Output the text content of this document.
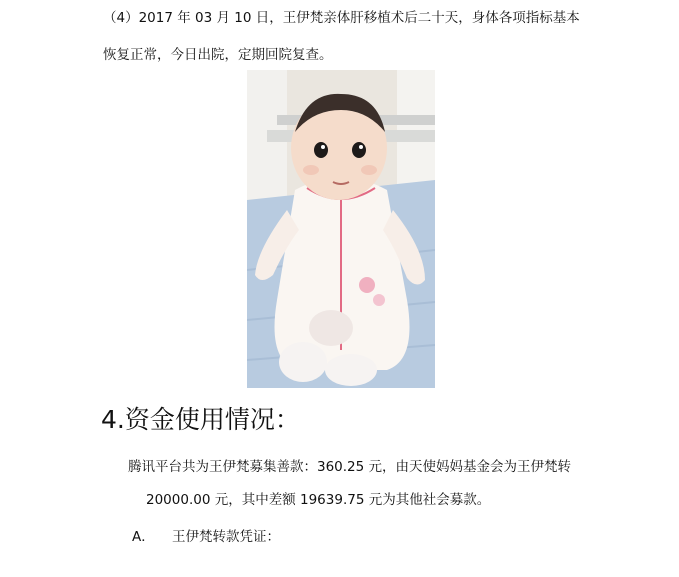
（4）2017 年 03 月 10 日，王伊梵亲体肝移植术后二十天，身体各项指标基本
恢复正常，今日出院，定期回院复查。
4.资金使用情况：
腾讯平台共为王伊梵募集善款：360.25 元，由天使妈妈基金会为王伊梵转
20000.00 元，其中差额 19639.75 元为其他社会募款。
A． 王伊梵转款凭证：
